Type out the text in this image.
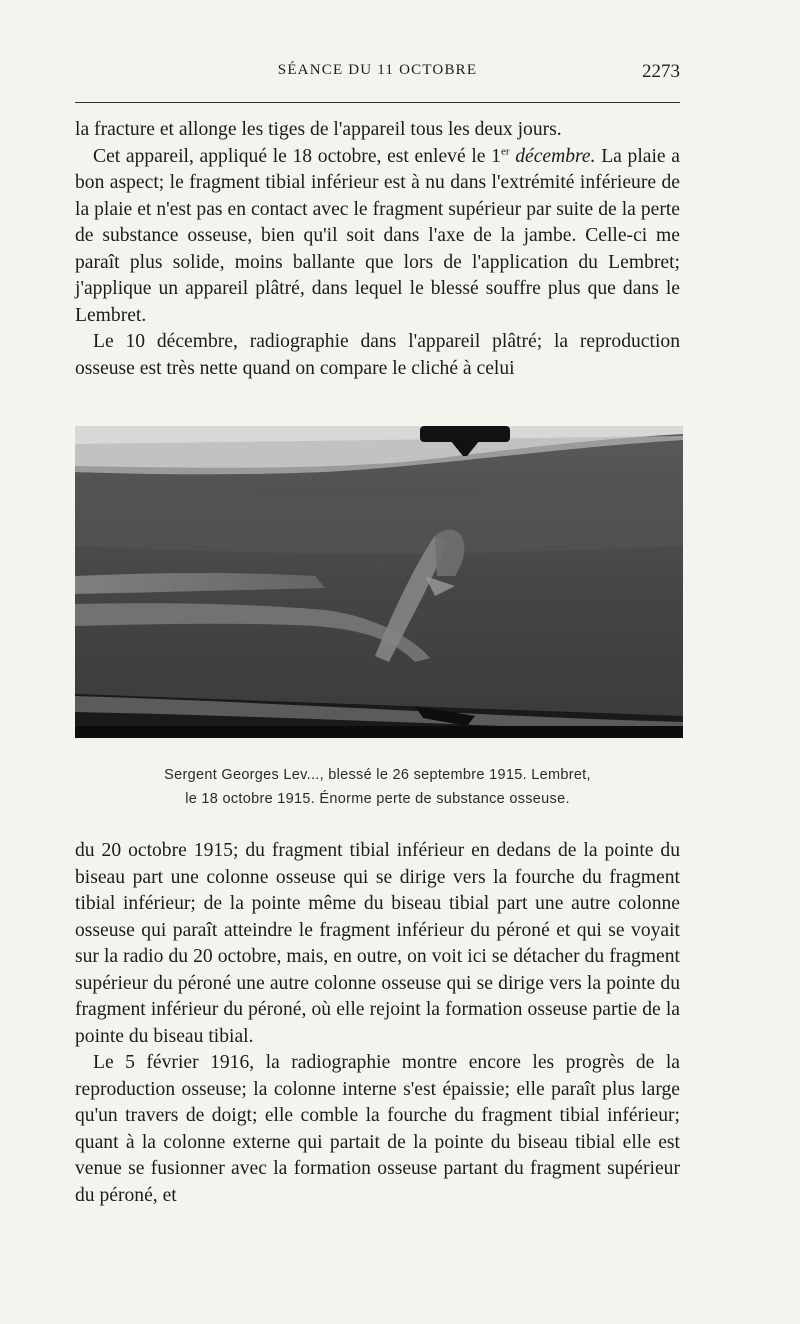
SÉANCE DU 11 OCTOBRE	2273

la fracture et allonge les tiges de l'appareil tous les deux jours.

Cet appareil, appliqué le 18 octobre, est enlevé le 1er décembre. La plaie a bon aspect; le fragment tibial inférieur est à nu dans l'extrémité inférieure de la plaie et n'est pas en contact avec le fragment supérieur par suite de la perte de substance osseuse, bien qu'il soit dans l'axe de la jambe. Celle-ci me paraît plus solide, moins ballante que lors de l'application du Lembret; j'applique un appareil plâtré, dans lequel le blessé souffre plus que dans le Lembret.

Le 10 décembre, radiographie dans l'appareil plâtré; la reproduction osseuse est très nette quand on compare le cliché à celui

Sergent Georges Lev..., blessé le 26 septembre 1915. Lembret,
le 18 octobre 1915. Énorme perte de substance osseuse.

du 20 octobre 1915; du fragment tibial inférieur en dedans de la pointe du biseau part une colonne osseuse qui se dirige vers la fourche du fragment tibial inférieur; de la pointe même du biseau tibial part une autre colonne osseuse qui paraît atteindre le fragment inférieur du péroné et qui se voyait sur la radio du 20 octobre, mais, en outre, on voit ici se détacher du fragment supérieur du péroné une autre colonne osseuse qui se dirige vers la pointe du fragment inférieur du péroné, où elle rejoint la formation osseuse partie de la pointe du biseau tibial.

Le 5 février 1916, la radiographie montre encore les progrès de la reproduction osseuse; la colonne interne s'est épaissie; elle paraît plus large qu'un travers de doigt; elle comble la fourche du fragment tibial inférieur; quant à la colonne externe qui partait de la pointe du biseau tibial elle est venue se fusionner avec la formation osseuse partant du fragment supérieur du péroné, et
